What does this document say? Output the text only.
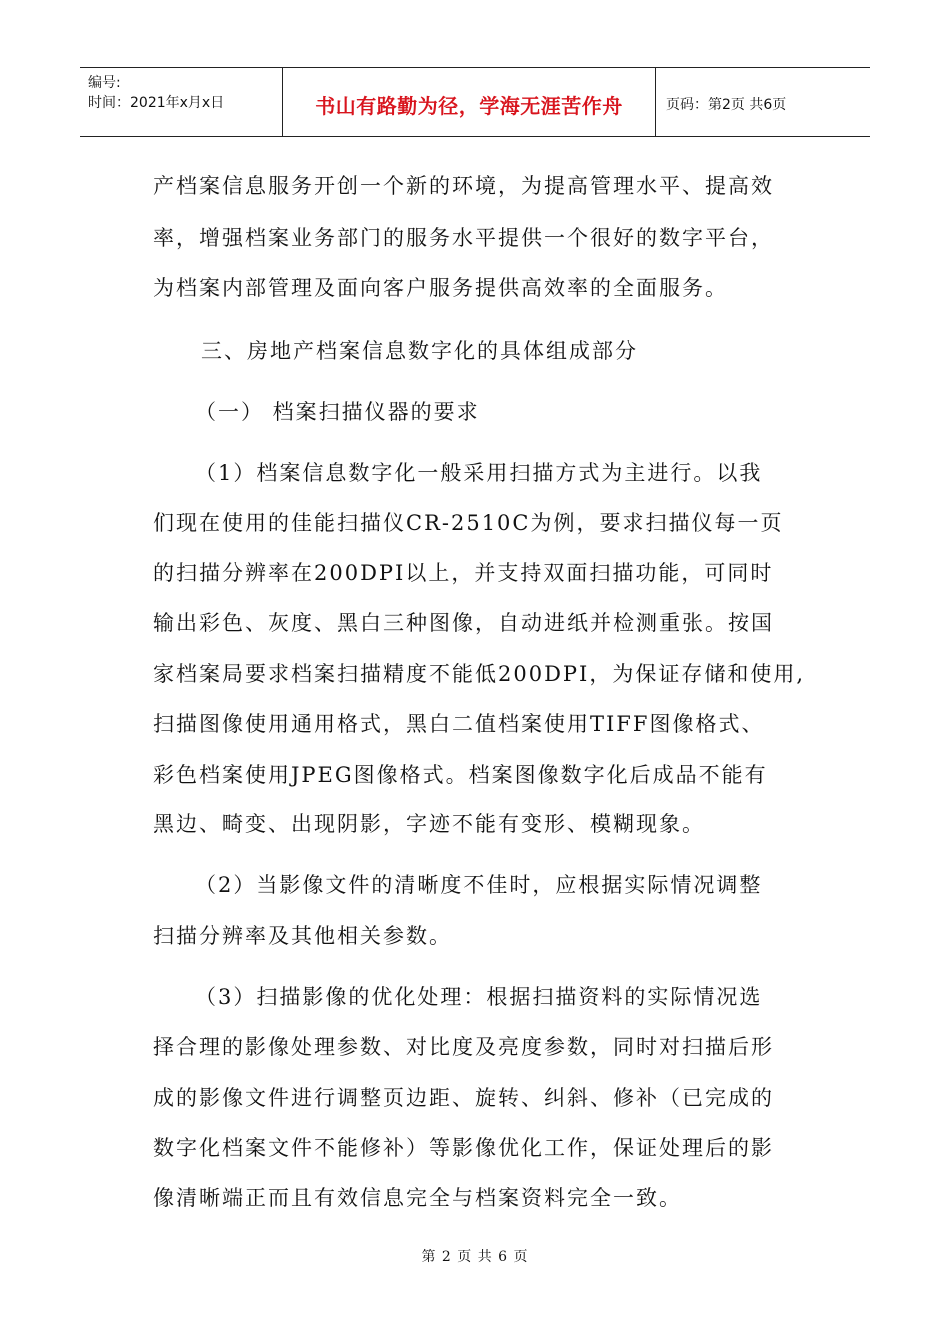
编号:
时间：2021年x月x日	书山有路勤为径，学海无涯苦作舟	页码：第2页 共6页
产档案信息服务开创一个新的环境，为提高管理水平、提高效
率，增强档案业务部门的服务水平提供一个很好的数字平台，
为档案内部管理及面向客户服务提供高效率的全面服务。
三、房地产档案信息数字化的具体组成部分
（一） 档案扫描仪器的要求
（1）档案信息数字化一般采用扫描方式为主进行。以我
们现在使用的佳能扫描仪CR-2510C为例，要求扫描仪每一页
的扫描分辨率在200DPI以上，并支持双面扫描功能，可同时
输出彩色、灰度、黑白三种图像，自动进纸并检测重张。按国
家档案局要求档案扫描精度不能低200DPI，为保证存储和使用,
扫描图像使用通用格式，黑白二值档案使用TIFF图像格式、
彩色档案使用JPEG图像格式。档案图像数字化后成品不能有
黑边、畸变、出现阴影，字迹不能有变形、模糊现象。
（2）当影像文件的清晰度不佳时，应根据实际情况调整
扫描分辨率及其他相关参数。
（3）扫描影像的优化处理：根据扫描资料的实际情况选
择合理的影像处理参数、对比度及亮度参数，同时对扫描后形
成的影像文件进行调整页边距、旋转、纠斜、修补（已完成的
数字化档案文件不能修补）等影像优化工作，保证处理后的影
像清晰端正而且有效信息完全与档案资料完全一致。
第 2 页 共 6 页
